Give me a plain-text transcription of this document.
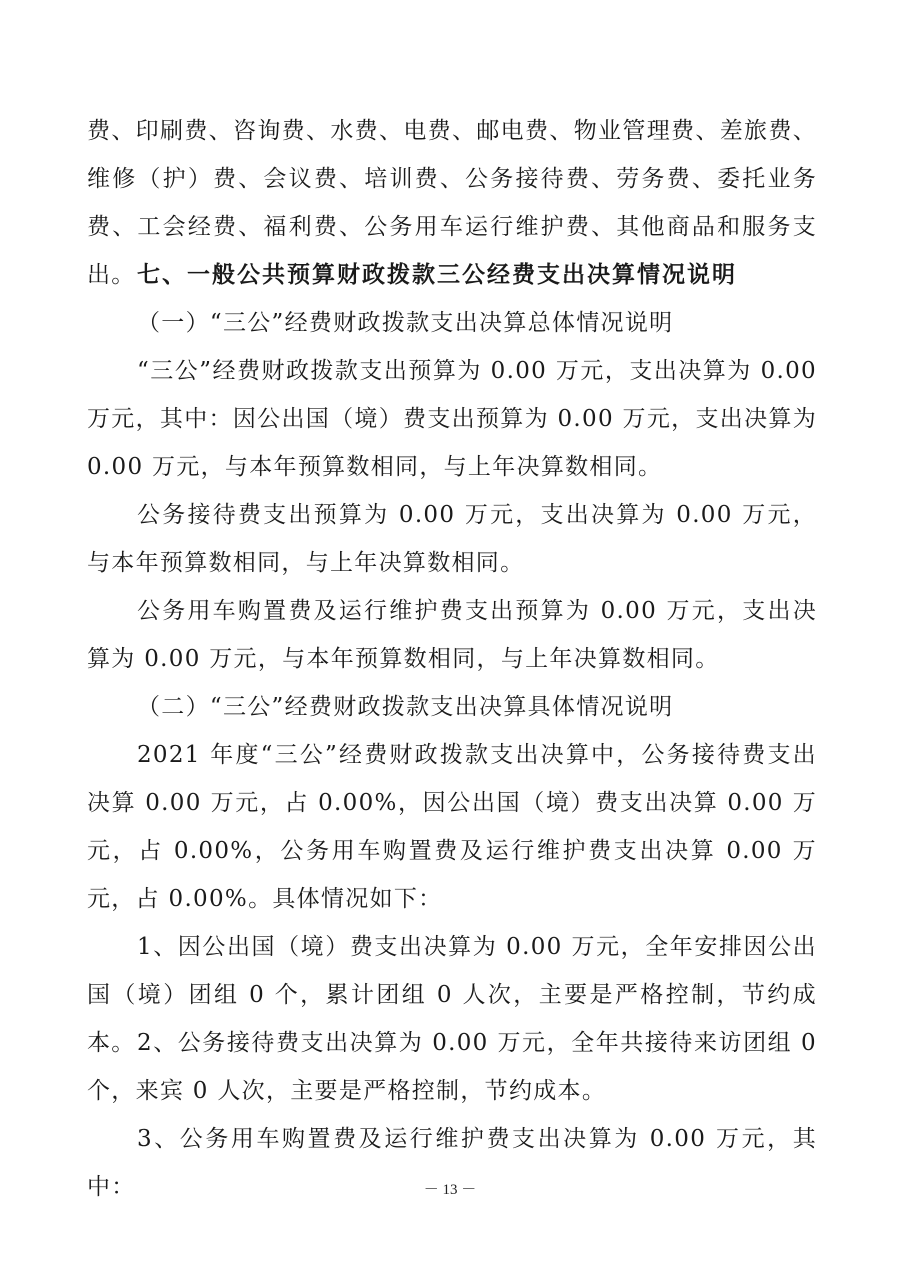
费、印刷费、咨询费、水费、电费、邮电费、物业管理费、差旅费、维修（护）费、会议费、培训费、公务接待费、劳务费、委托业务费、工会经费、福利费、公务用车运行维护费、其他商品和服务支出。 七、一般公共预算财政拨款三公经费支出决算情况说明

（一）“三公”经费财政拨款支出决算总体情况说明

“三公”经费财政拨款支出预算为 0.00 万元，支出决算为 0.00 万元，其中：因公出国（境）费支出预算为 0.00 万元，支出决算为 0.00 万元，与本年预算数相同，与上年决算数相同。

公务接待费支出预算为 0.00 万元，支出决算为 0.00 万元，与本年预算数相同，与上年决算数相同。

公务用车购置费及运行维护费支出预算为 0.00 万元，支出决算为 0.00 万元，与本年预算数相同，与上年决算数相同。

（二）“三公”经费财政拨款支出决算具体情况说明

2021 年度“三公”经费财政拨款支出决算中，公务接待费支出决算 0.00 万元，占 0.00%，因公出国（境）费支出决算 0.00 万元，占 0.00%，公务用车购置费及运行维护费支出决算 0.00 万元，占 0.00%。具体情况如下：

1、因公出国（境）费支出决算为 0.00 万元，全年安排因公出国（境）团组 0 个，累计团组 0 人次，主要是严格控制，节约成本。 2、公务接待费支出决算为 0.00 万元，全年共接待来访团组 0 个，来宾 0 人次，主要是严格控制，节约成本。

3、公务用车购置费及运行维护费支出决算为 0.00 万元，其中：	－ 13 －
